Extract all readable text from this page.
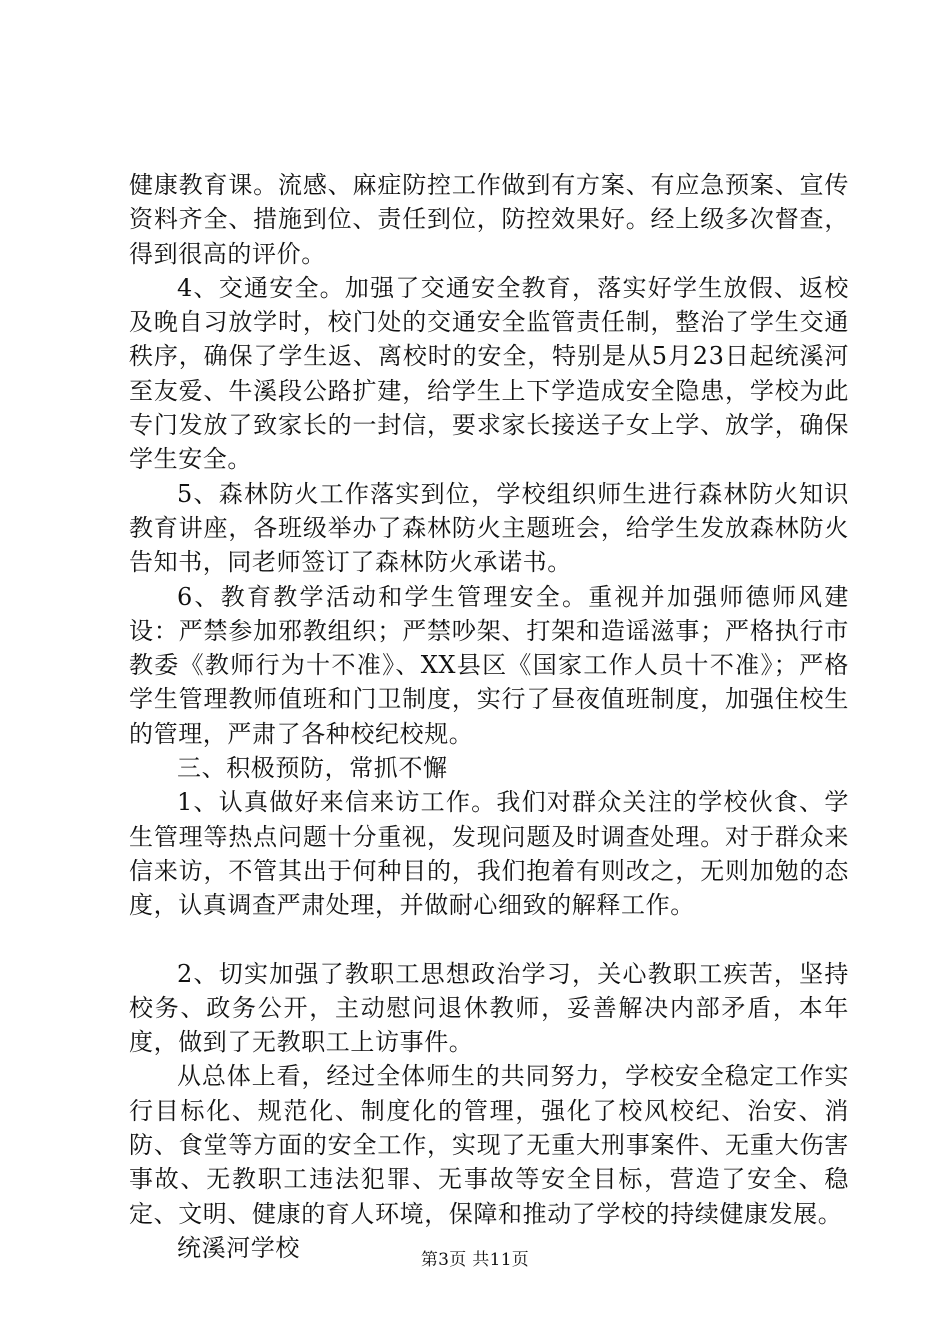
健康教育课。流感、麻症防控工作做到有方案、有应急预案、宣传资料齐全、措施到位、责任到位，防控效果好。经上级多次督查，得到很高的评价。

4、交通安全。加强了交通安全教育，落实好学生放假、返校及晚自习放学时，校门处的交通安全监管责任制，整治了学生交通秩序，确保了学生返、离校时的安全，特别是从5月23日起统溪河至友爱、牛溪段公路扩建，给学生上下学造成安全隐患，学校为此专门发放了致家长的一封信，要求家长接送子女上学、放学，确保学生安全。

5、森林防火工作落实到位，学校组织师生进行森林防火知识教育讲座，各班级举办了森林防火主题班会，给学生发放森林防火告知书，同老师签订了森林防火承诺书。

6、教育教学活动和学生管理安全。重视并加强师德师风建设：严禁参加邪教组织；严禁吵架、打架和造谣滋事；严格执行市教委《教师行为十不准》、XX县区《国家工作人员十不准》；严格学生管理教师值班和门卫制度，实行了昼夜值班制度，加强住校生的管理，严肃了各种校纪校规。

三、积极预防，常抓不懈

1、认真做好来信来访工作。我们对群众关注的学校伙食、学生管理等热点问题十分重视，发现问题及时调查处理。对于群众来信来访，不管其出于何种目的，我们抱着有则改之，无则加勉的态度，认真调查严肃处理，并做耐心细致的解释工作。

2、切实加强了教职工思想政治学习，关心教职工疾苦，坚持校务、政务公开，主动慰问退休教师，妥善解决内部矛盾，本年度，做到了无教职工上访事件。

从总体上看，经过全体师生的共同努力，学校安全稳定工作实行目标化、规范化、制度化的管理，强化了校风校纪、治安、消防、食堂等方面的安全工作，实现了无重大刑事案件、无重大伤害事故、无教职工违法犯罪、无事故等安全目标，营造了安全、稳定、文明、健康的育人环境，保障和推动了学校的持续健康发展。

统溪河学校	第3页 共11页
